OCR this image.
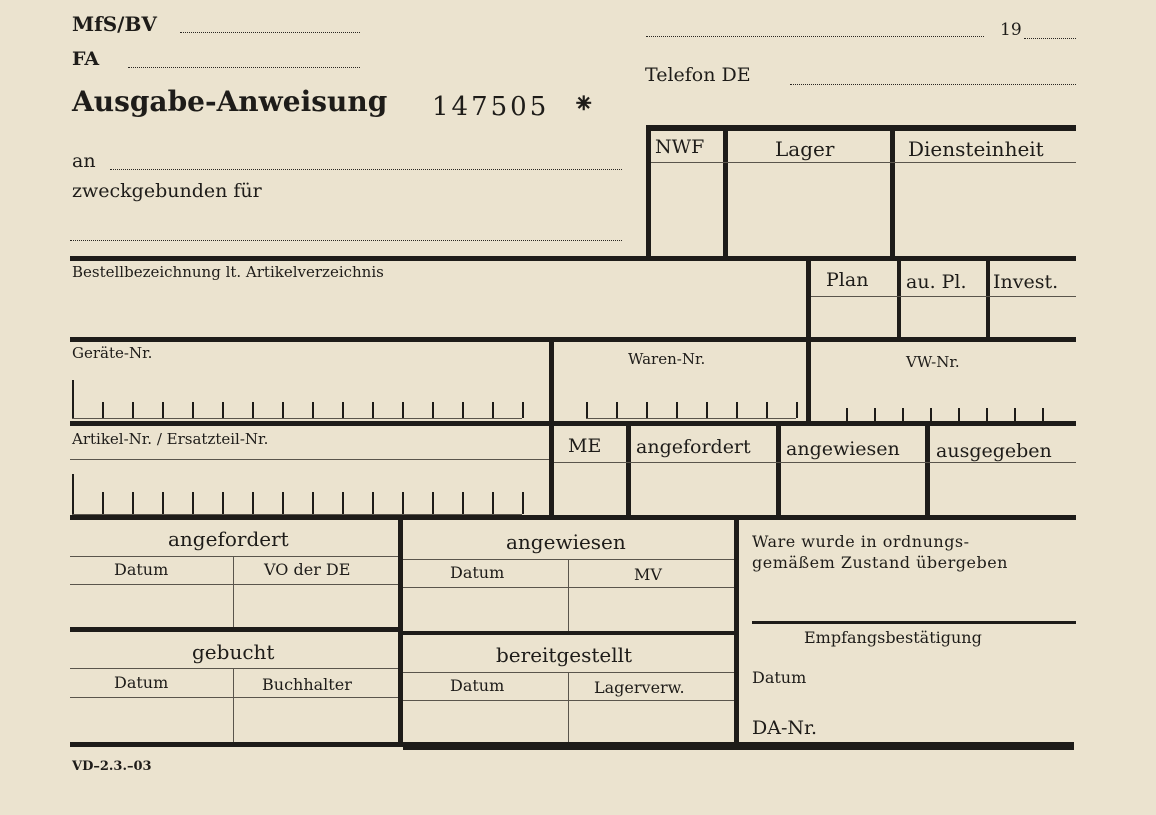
MfS/BV
FA
Ausgabe-Anweisung 147505 ⁕
19
Telefon DE
an
zweckgebunden für
NWF	Lager	Diensteinheit
Bestellbezeichnung lt. Artikelverzeichnis	Plan au. Pl. Invest.
Geräte-Nr.	Waren-Nr.	VW-Nr.
Artikel-Nr. / Ersatzteil-Nr.	ME angefordert angewiesen ausgegeben
angefordert
Datum	VO der DE
angewiesen
Datum	MV
gebucht
Datum	Buchhalter
bereitgestellt
Datum	Lagerverw.
Ware wurde in ordnungs-
gemäßem Zustand übergeben
Empfangsbestätigung
Datum
DA-Nr.
VD–2.3.–03
